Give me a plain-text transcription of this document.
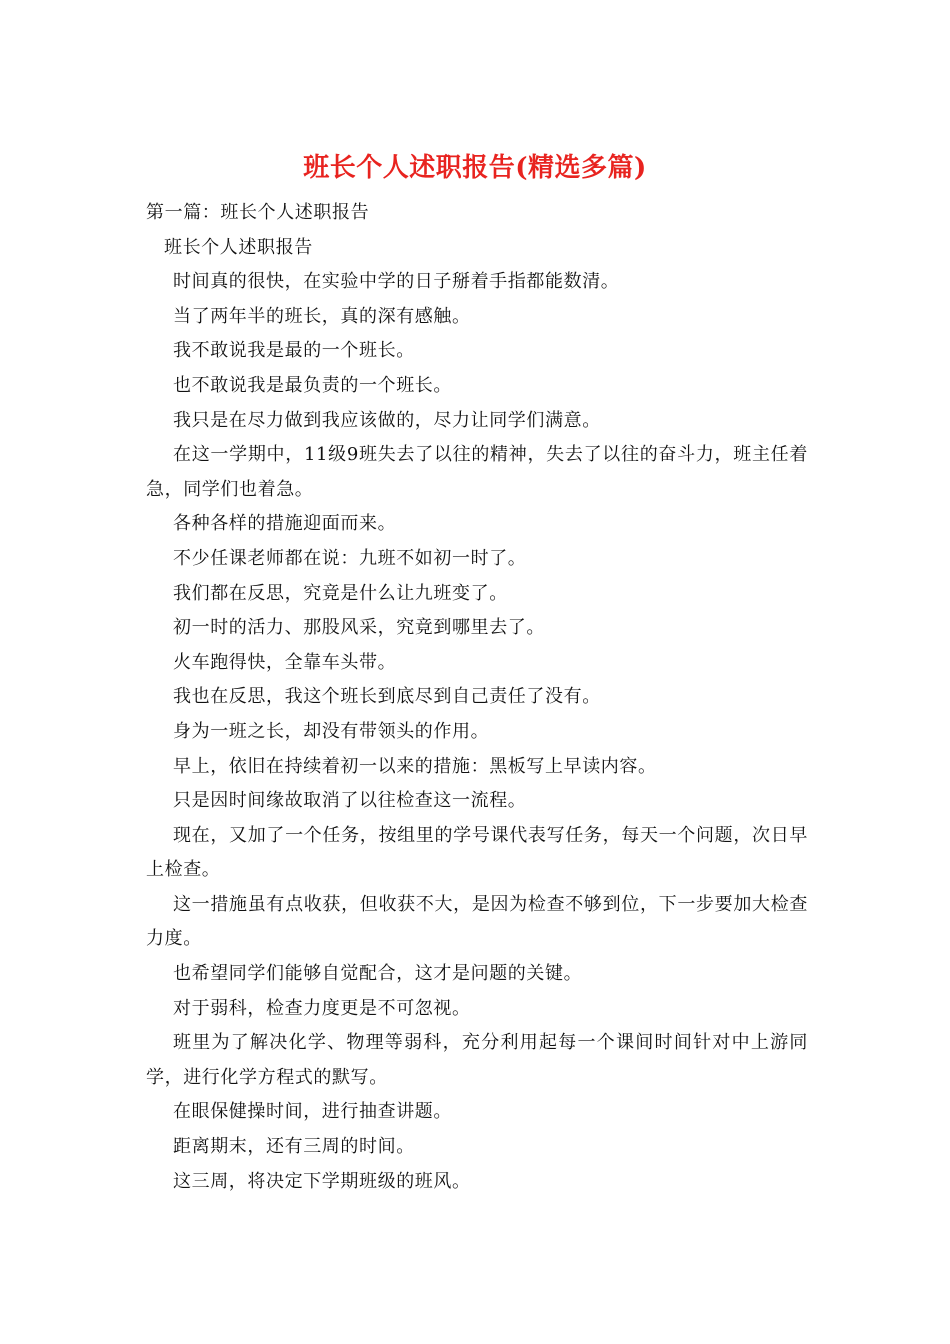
班长个人述职报告(精选多篇)

第一篇：班长个人述职报告

班长个人述职报告

时间真的很快，在实验中学的日子掰着手指都能数清。

当了两年半的班长，真的深有感触。

我不敢说我是最的一个班长。

也不敢说我是最负责的一个班长。

我只是在尽力做到我应该做的，尽力让同学们满意。

在这一学期中，11级9班失去了以往的精神，失去了以往的奋斗力，班主任着急，同学们也着急。

各种各样的措施迎面而来。

不少任课老师都在说：九班不如初一时了。

我们都在反思，究竟是什么让九班变了。

初一时的活力、那股风采，究竟到哪里去了。

火车跑得快，全靠车头带。

我也在反思，我这个班长到底尽到自己责任了没有。

身为一班之长，却没有带领头的作用。

早上，依旧在持续着初一以来的措施：黑板写上早读内容。

只是因时间缘故取消了以往检查这一流程。

现在，又加了一个任务，按组里的学号课代表写任务，每天一个问题，次日早上检查。

这一措施虽有点收获，但收获不大，是因为检查不够到位，下一步要加大检查力度。

也希望同学们能够自觉配合，这才是问题的关键。

对于弱科，检查力度更是不可忽视。

班里为了解决化学、物理等弱科，充分利用起每一个课间时间针对中上游同学，进行化学方程式的默写。

在眼保健操时间，进行抽查讲题。

距离期末，还有三周的时间。

这三周，将决定下学期班级的班风。
